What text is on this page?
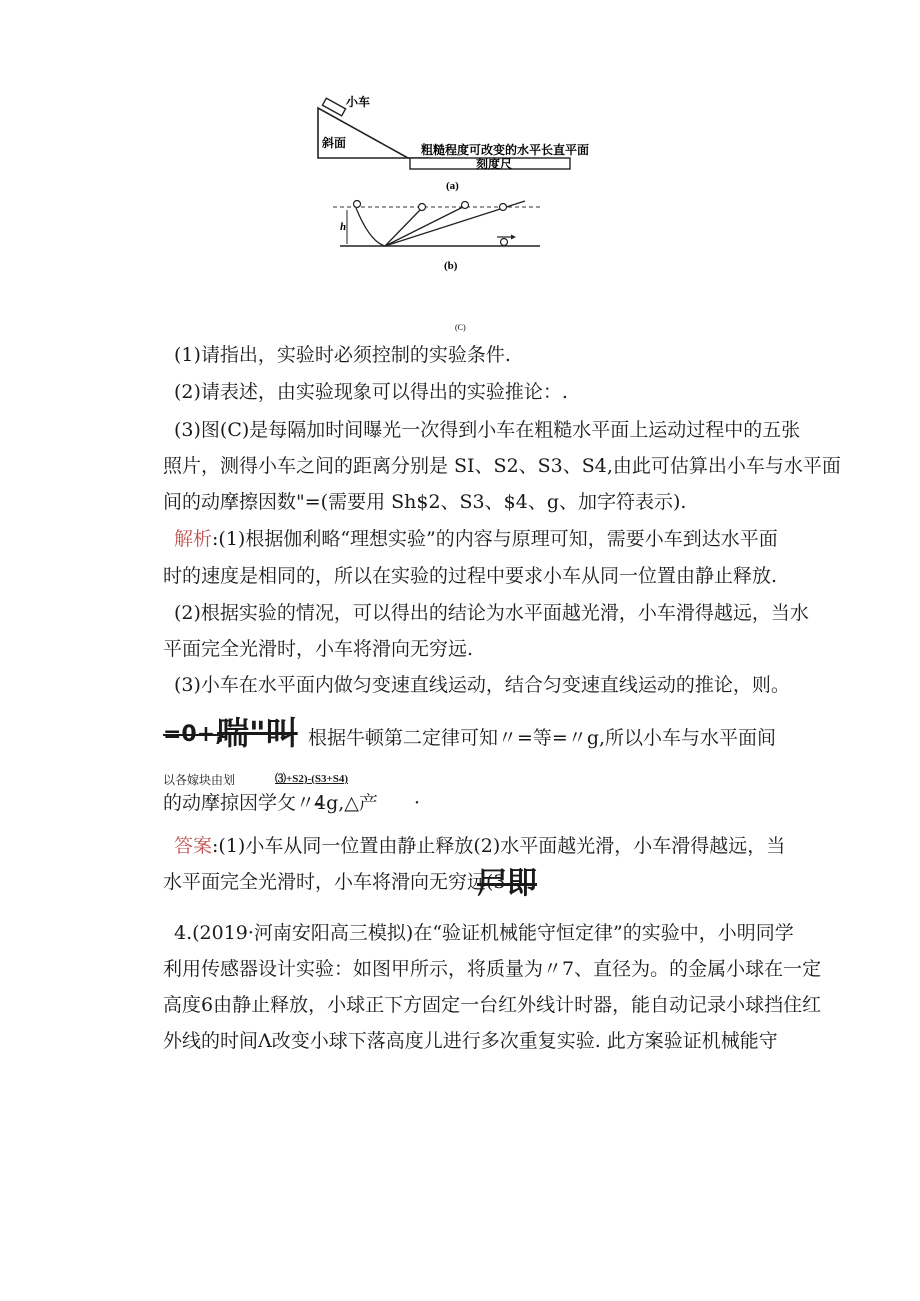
小车
斜面	粗糙程度可改变的水平长直平面
刻度尺
(a)
h
(b)
(C)
(1)请指出，实验时必须控制的实验条件.
(2)请表述，由实验现象可以得出的实验推论：.
(3)图(C)是每隔加时间曝光一次得到小车在粗糙水平面上运动过程中的五张
照片，测得小车之间的距离分别是 SI、S2、S3、S4,由此可估算出小车与水平面
间的动摩擦因数"=(需要用 Sh$2、S3、$4、g、加字符表示).
解析:(1)根据伽利略“理想实验”的内容与原理可知，需要小车到达水平面
时的速度是相同的，所以在实验的过程中要求小车从同一位置由静止释放.
(2)根据实验的情况，可以得出的结论为水平面越光滑，小车滑得越远，当水
平面完全光滑时，小车将滑向无穷远.
(3)小车在水平面内做匀变速直线运动，结合匀变速直线运动的推论，则。
=0+,
喘"叫 根据牛顿第二定律可知〃=等=〃g,所以小车与水平面间
以各嫁块由划	⑶+S2)-(S3+S4)
的动摩掠因学攵〃-
4g,△产 ·
答案:(1)小车从同一位置由静止释放(2)水平面越光滑，小车滑得越远，当
水平面完全光滑时，小车将滑向无穷远(3
尸即
4.(2019·河南安阳高三模拟)在“验证机械能守恒定律”的实验中，小明同学
利用传感器设计实验：如图甲所示，将质量为〃7、直径为。的金属小球在一定
高度6由静止释放，小球正下方固定一台红外线计时器，能自动记录小球挡住红
外线的时间Λ改变小球下落高度儿进行多次重复实验. 此方案验证机械能守
